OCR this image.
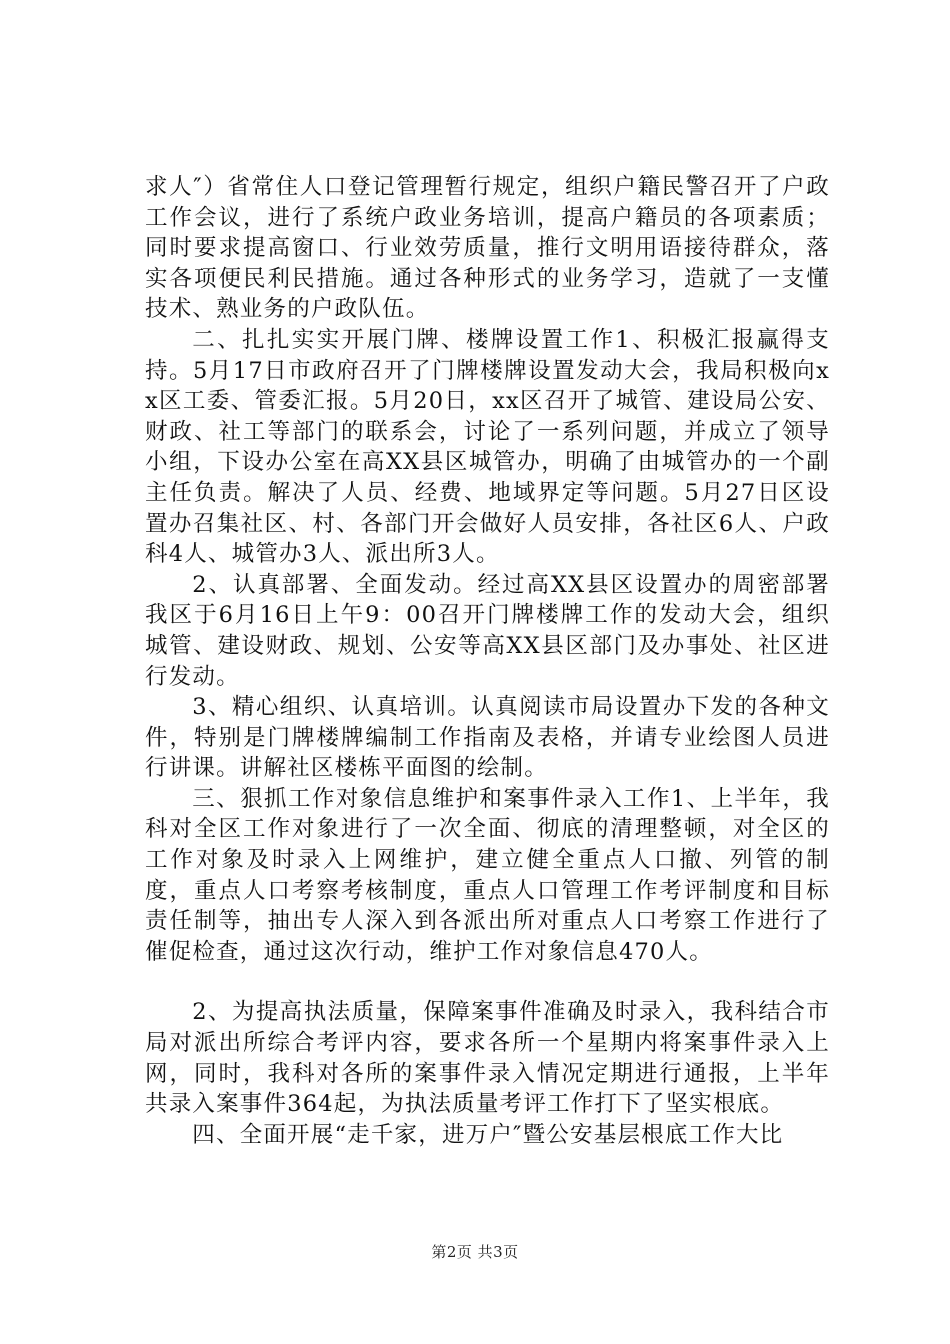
求人″）省常住人口登记管理暂行规定，组织户籍民警召开了户政工作会议，进行了系统户政业务培训，提高户籍员的各项素质；同时要求提高窗口、行业效劳质量，推行文明用语接待群众，落实各项便民利民措施。通过各种形式的业务学习，造就了一支懂技术、熟业务的户政队伍。

二、扎扎实实开展门牌、楼牌设置工作1、积极汇报赢得支持。5月17日市政府召开了门牌楼牌设置发动大会，我局积极向xx区工委、管委汇报。5月20日，xx区召开了城管、建设局公安、财政、社工等部门的联系会，讨论了一系列问题，并成立了领导小组，下设办公室在高XX县区城管办，明确了由城管办的一个副主任负责。解决了人员、经费、地域界定等问题。5月27日区设置办召集社区、村、各部门开会做好人员安排，各社区6人、户政科4人、城管办3人、派出所3人。

2、认真部署、全面发动。经过高XX县区设置办的周密部署我区于6月16日上午9：00召开门牌楼牌工作的发动大会，组织城管、建设财政、规划、公安等高XX县区部门及办事处、社区进行发动。

3、精心组织、认真培训。认真阅读市局设置办下发的各种文件，特别是门牌楼牌编制工作指南及表格，并请专业绘图人员进行讲课。讲解社区楼栋平面图的绘制。

三、狠抓工作对象信息维护和案事件录入工作1、上半年，我科对全区工作对象进行了一次全面、彻底的清理整顿，对全区的工作对象及时录入上网维护，建立健全重点人口撤、列管的制度，重点人口考察考核制度，重点人口管理工作考评制度和目标责任制等，抽出专人深入到各派出所对重点人口考察工作进行了催促检查，通过这次行动，维护工作对象信息470人。

2、为提高执法质量，保障案事件准确及时录入，我科结合市局对派出所综合考评内容，要求各所一个星期内将案事件录入上网，同时，我科对各所的案事件录入情况定期进行通报，上半年共录入案事件364起，为执法质量考评工作打下了坚实根底。

四、全面开展“走千家，进万户″暨公安基层根底工作大比

第2页 共3页
